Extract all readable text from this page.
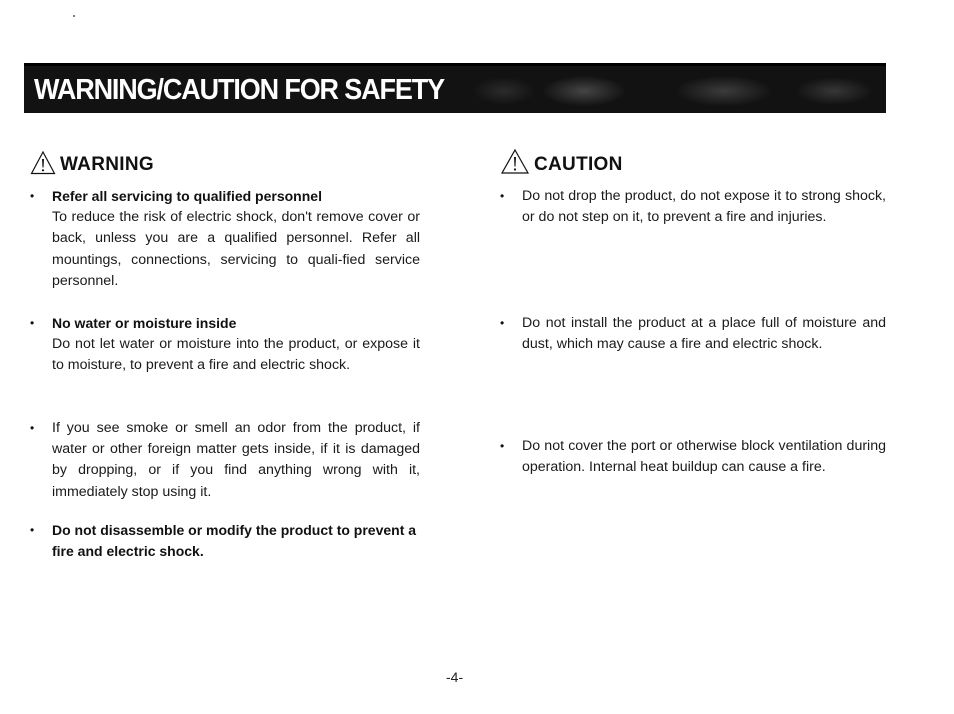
WARNING/CAUTION FOR SAFETY
WARNING
•	Refer all servicing to qualified personnel
To reduce the risk of electric shock, don't remove cover or back, unless you are a qualified personnel. Refer all mountings, connections, servicing to quali-fied service personnel.
•	No water or moisture inside
Do not let water or moisture into the product, or expose it to moisture, to prevent a fire and electric shock.
•	If you see smoke or smell an odor from the product, if water or other foreign matter gets inside, if it is damaged by dropping, or if you find anything wrong with it, immediately stop using it.
•	Do not disassemble or modify the product to prevent a fire and electric shock.
CAUTION
•	Do not drop the product, do not expose it to strong shock, or do not step on it, to prevent a fire and injuries.
•	Do not install the product at a place full of moisture and dust, which may cause a fire and electric shock.
•	Do not cover the port or otherwise block ventilation during operation. Internal heat buildup can cause a fire.
-4-
